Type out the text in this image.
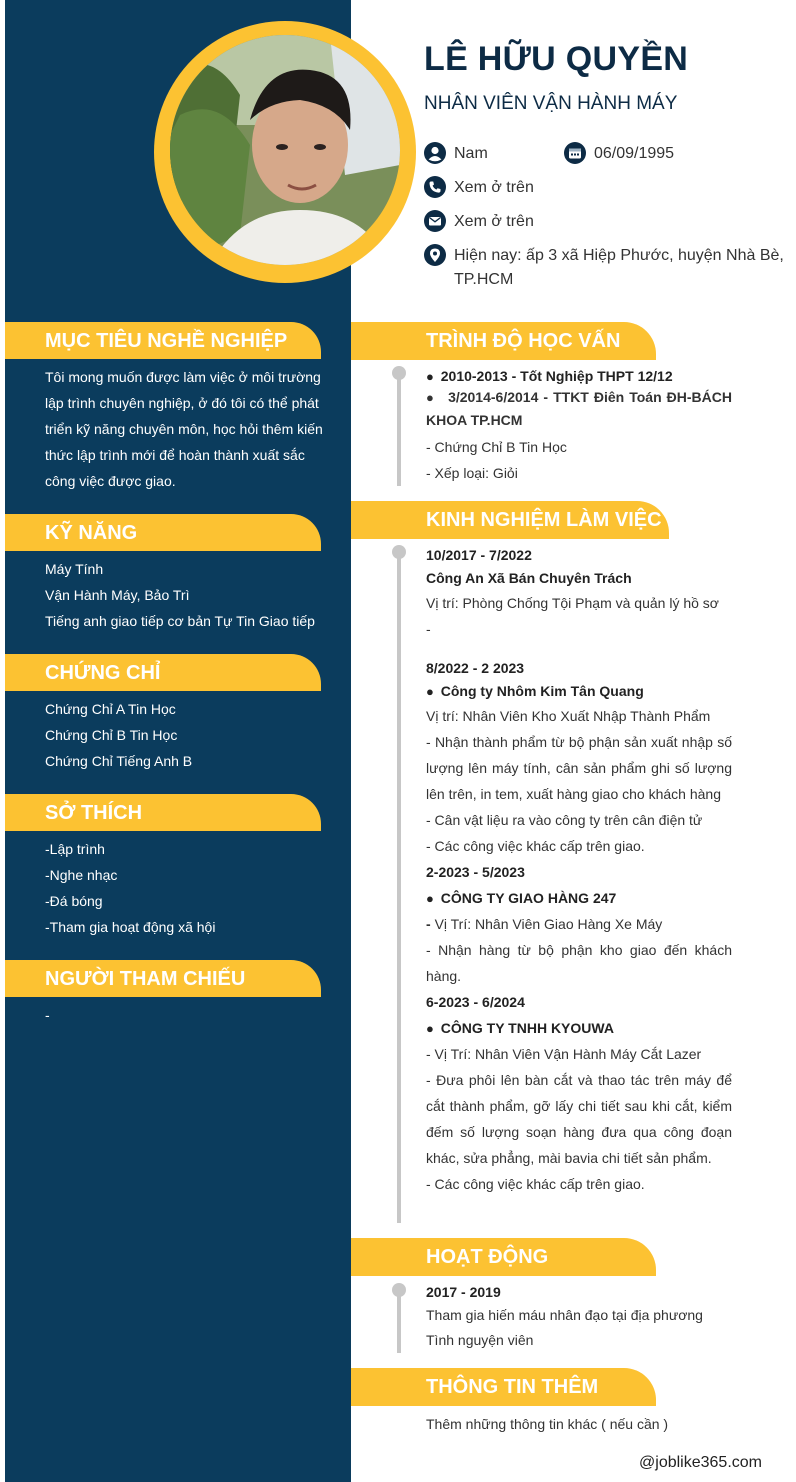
LÊ HỮU QUYỀN

NHÂN VIÊN VẬN HÀNH MÁY

Nam	06/09/1995
Xem ở trên
Xem ở trên
Hiện nay: ấp 3 xã Hiệp Phước, huyện Nhà Bè, TP.HCM
MỤC TIÊU NGHỀ NGHIỆP

Tôi mong muốn được làm việc ở môi trường lập trình chuyên nghiệp, ở đó tôi có thể phát triển kỹ năng chuyên môn, học hỏi thêm kiến thức lập trình mới để hoàn thành xuất sắc công việc được giao.

KỸ NĂNG

Máy Tính

Vận Hành Máy, Bảo Trì

Tiếng anh giao tiếp cơ bản Tự Tin Giao tiếp

CHỨNG CHỈ

Chứng Chỉ A Tin Học

Chứng Chỉ B Tin Học

Chứng Chỉ Tiếng Anh B

SỞ THÍCH

-Lập trình

-Nghe nhạc

-Đá bóng

-Tham gia hoạt động xã hội

NGƯỜI THAM CHIẾU

-

TRÌNH ĐỘ HỌC VẤN

● 2010-2013 - Tốt Nghiệp THPT 12/12

● 3/2014-6/2014 - TTKT Điên Toán ĐH-BÁCH KHOA TP.HCM

- Chứng Chỉ B Tin Học

- Xếp loại: Giỏi

KINH NGHIỆM LÀM VIỆC

10/2017 - 7/2022

Công An Xã Bán Chuyên Trách

Vị trí: Phòng Chống Tội Phạm và quản lý hồ sơ

-

8/2022 - 2 2023

● Công ty Nhôm Kim Tân Quang

Vị trí: Nhân Viên Kho Xuất Nhập Thành Phẩm

- Nhận thành phẩm từ bộ phận sản xuất nhập số lượng lên máy tính, cân sản phẩm ghi số lượng lên trên, in tem, xuất hàng giao cho khách hàng

- Cân vật liệu ra vào công ty trên cân điện tử

- Các công việc khác cấp trên giao.

2-2023 - 5/2023

● CÔNG TY GIAO HÀNG 247

- Vị Trí: Nhân Viên Giao Hàng Xe Máy

- Nhận hàng từ bộ phận kho giao đến khách hàng.

6-2023 - 6/2024

● CÔNG TY TNHH KYOUWA

- Vị Trí: Nhân Viên Vận Hành Máy Cắt Lazer

- Đưa phôi lên bàn cắt và thao tác trên máy để cắt thành phẩm, gỡ lấy chi tiết sau khi cắt, kiểm đếm số lượng soạn hàng đưa qua công đoạn khác, sửa phẳng, mài bavia chi tiết sản phẩm.

- Các công việc khác cấp trên giao.

HOẠT ĐỘNG

2017 - 2019

Tham gia hiến máu nhân đạo tại địa phương

Tình nguyện viên

THÔNG TIN THÊM

Thêm những thông tin khác ( nếu cần )

@joblike365.com
